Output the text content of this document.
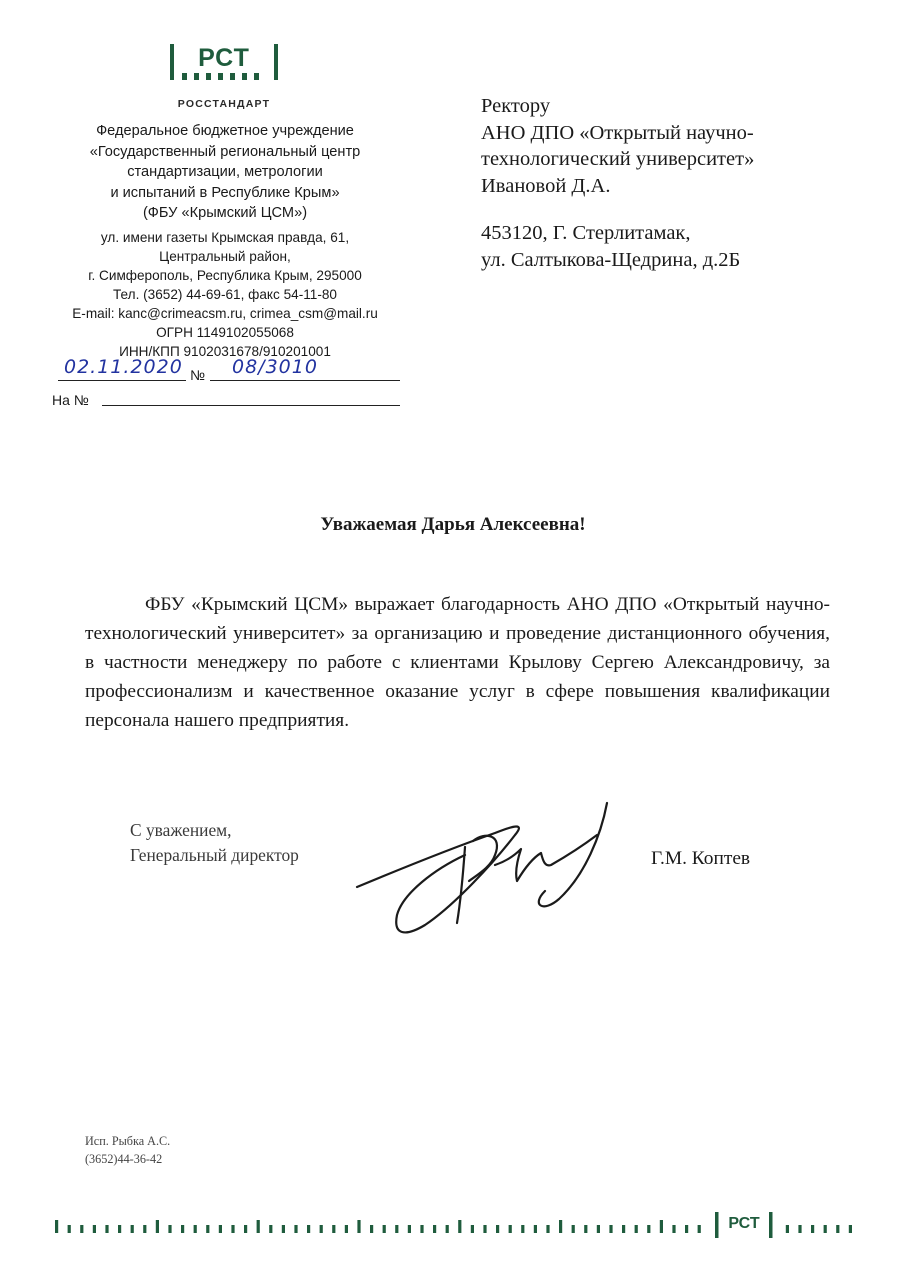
РСТ
РОССТАНДАРТ
Федеральное бюджетное учреждение
«Государственный региональный центр
стандартизации, метрологии
и испытаний в Республике Крым»
(ФБУ «Крымский ЦСМ»)
ул. имени газеты Крымская правда, 61,
Центральный район,
г. Симферополь, Республика Крым, 295000
Тел. (3652) 44-69-61, факс 54-11-80
E-mail: kanc@crimeacsm.ru, crimea_csm@mail.ru
ОГРН 1149102055068
ИНН/КПП 9102031678/910201001
02.11.2020 № 08/3010
На №

Ректору

АНО ДПО «Открытый научно-

технологический университет»

Ивановой Д.А.

453120, Г. Стерлитамак,

ул. Салтыкова-Щедрина, д.2Б

Уважаемая Дарья Алексеевна!
ФБУ «Крымский ЦСМ» выражает благодарность АНО ДПО «Открытый научно-технологический университет» за организацию и проведение дистанционного обучения, в частности менеджеру по работе с клиентами Крылову Сергею Александровичу, за профессионализм и качественное оказание услуг в сфере повышения квалификации персонала нашего предприятия.

С уважением,

Генеральный директор	Г.М. Коптев

Исп. Рыбка А.С.

(3652)44-36-42

РСТ
